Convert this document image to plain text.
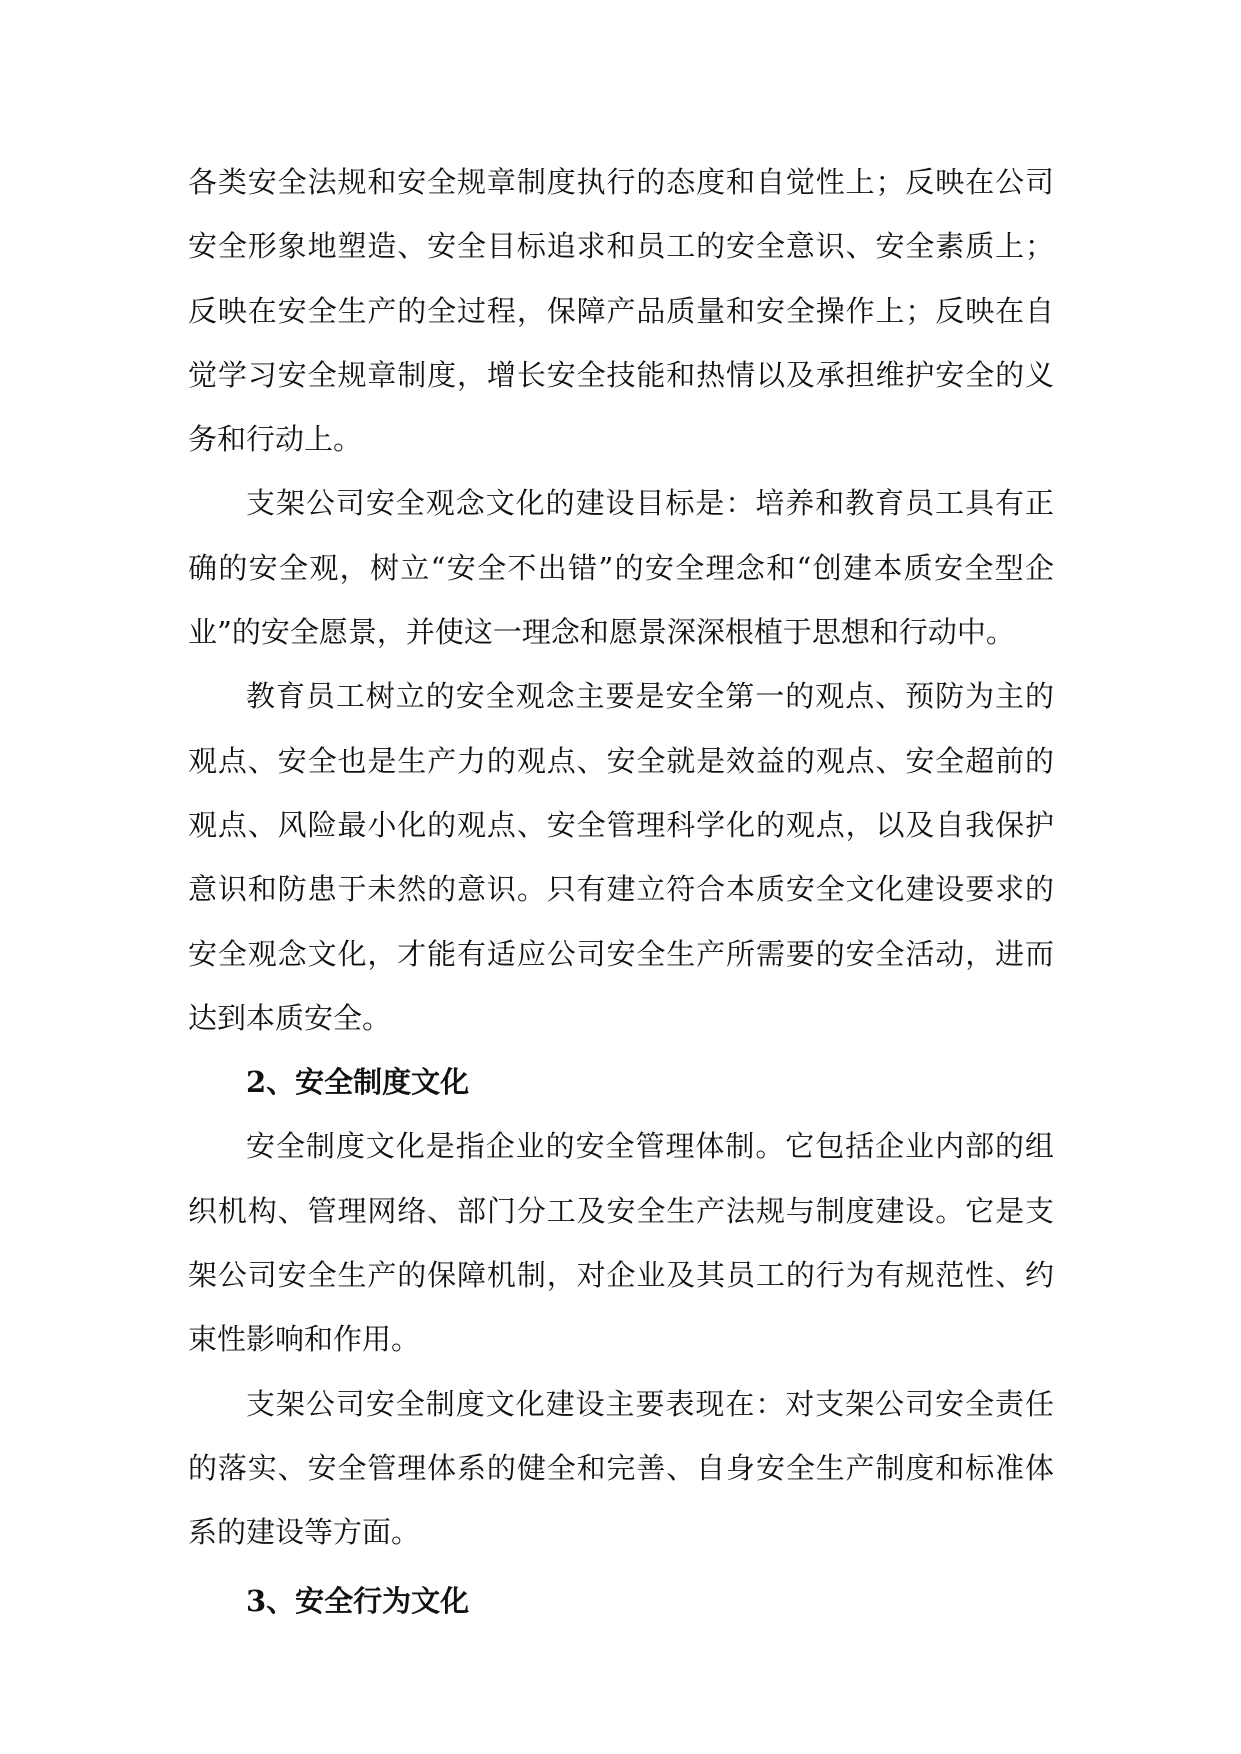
各类安全法规和安全规章制度执行的态度和自觉性上；反映在公司安全形象地塑造、安全目标追求和员工的安全意识、安全素质上；反映在安全生产的全过程，保障产品质量和安全操作上；反映在自觉学习安全规章制度，增长安全技能和热情以及承担维护安全的义务和行动上。

支架公司安全观念文化的建设目标是：培养和教育员工具有正确的安全观，树立“安全不出错”的安全理念和“创建本质安全型企业”的安全愿景，并使这一理念和愿景深深根植于思想和行动中。

教育员工树立的安全观念主要是安全第一的观点、预防为主的观点、安全也是生产力的观点、安全就是效益的观点、安全超前的观点、风险最小化的观点、安全管理科学化的观点，以及自我保护意识和防患于未然的意识。只有建立符合本质安全文化建设要求的安全观念文化，才能有适应公司安全生产所需要的安全活动，进而达到本质安全。

2、安全制度文化

安全制度文化是指企业的安全管理体制。它包括企业内部的组织机构、管理网络、部门分工及安全生产法规与制度建设。它是支架公司安全生产的保障机制，对企业及其员工的行为有规范性、约束性影响和作用。

支架公司安全制度文化建设主要表现在：对支架公司安全责任的落实、安全管理体系的健全和完善、自身安全生产制度和标准体系的建设等方面。

3、安全行为文化
